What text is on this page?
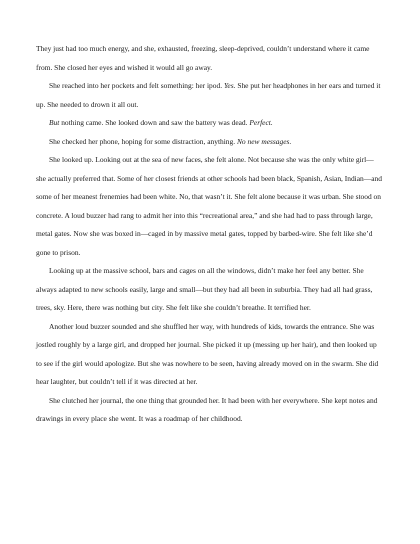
They just had too much energy, and she, exhausted, freezing, sleep-deprived, couldn’t understand where it came from. She closed her eyes and wished it would all go away.

She reached into her pockets and felt something: her ipod. Yes. She put her headphones in her ears and turned it up. She needed to drown it all out.

But nothing came. She looked down and saw the battery was dead. Perfect.

She checked her phone, hoping for some distraction, anything. No new messages.

She looked up. Looking out at the sea of new faces, she felt alone. Not because she was the only white girl—she actually preferred that. Some of her closest friends at other schools had been black, Spanish, Asian, Indian—and some of her meanest frenemies had been white. No, that wasn’t it. She felt alone because it was urban. She stood on concrete. A loud buzzer had rang to admit her into this “recreational area,” and she had had to pass through large, metal gates. Now she was boxed in—caged in by massive metal gates, topped by barbed-wire. She felt like she’d gone to prison.

Looking up at the massive school, bars and cages on all the windows, didn’t make her feel any better. She always adapted to new schools easily, large and small—but they had all been in suburbia. They had all had grass, trees, sky. Here, there was nothing but city. She felt like she couldn’t breathe. It terrified her.

Another loud buzzer sounded and she shuffled her way, with hundreds of kids, towards the entrance. She was jostled roughly by a large girl, and dropped her journal. She picked it up (messing up her hair), and then looked up to see if the girl would apologize. But she was nowhere to be seen, having already moved on in the swarm. She did hear laughter, but couldn’t tell if it was directed at her.

She clutched her journal, the one thing that grounded her. It had been with her everywhere. She kept notes and drawings in every place she went. It was a roadmap of her childhood.
